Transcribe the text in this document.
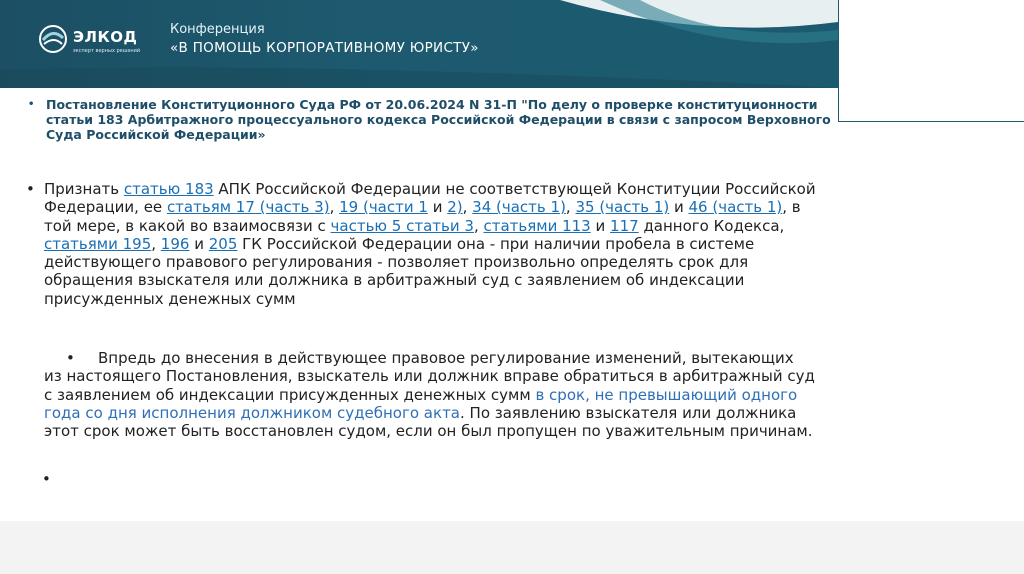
ЭЛКОД
эксперт верных решений
Конференция
«В ПОМОЩЬ КОРПОРАТИВНОМУ ЮРИСТУ»
• Постановление Конституционного Суда РФ от 20.06.2024 N 31-П "По делу о проверке конституционности статьи 183 Арбитражного процессуального кодекса Российской Федерации в связи с запросом Верховного Суда Российской Федерации»
• Признать статью 183 АПК Российской Федерации не соответствующей Конституции Российской Федерации, ее статьям 17 (часть 3), 19 (части 1 и 2), 34 (часть 1), 35 (часть 1) и 46 (часть 1), в той мере, в какой во взаимосвязи с частью 5 статьи 3, статьями 113 и 117 данного Кодекса, статьями 195, 196 и 205 ГК Российской Федерации она - при наличии пробела в системе действующего правового регулирования - позволяет произвольно определять срок для обращения взыскателя или должника в арбитражный суд с заявлением об индексации присужденных денежных сумм
• Впредь до внесения в действующее правовое регулирование изменений, вытекающих из настоящего Постановления, взыскатель или должник вправе обратиться в арбитражный суд с заявлением об индексации присужденных денежных сумм в срок, не превышающий одного года со дня исполнения должником судебного акта. По заявлению взыскателя или должника этот срок может быть восстановлен судом, если он был пропущен по уважительным причинам.
•
